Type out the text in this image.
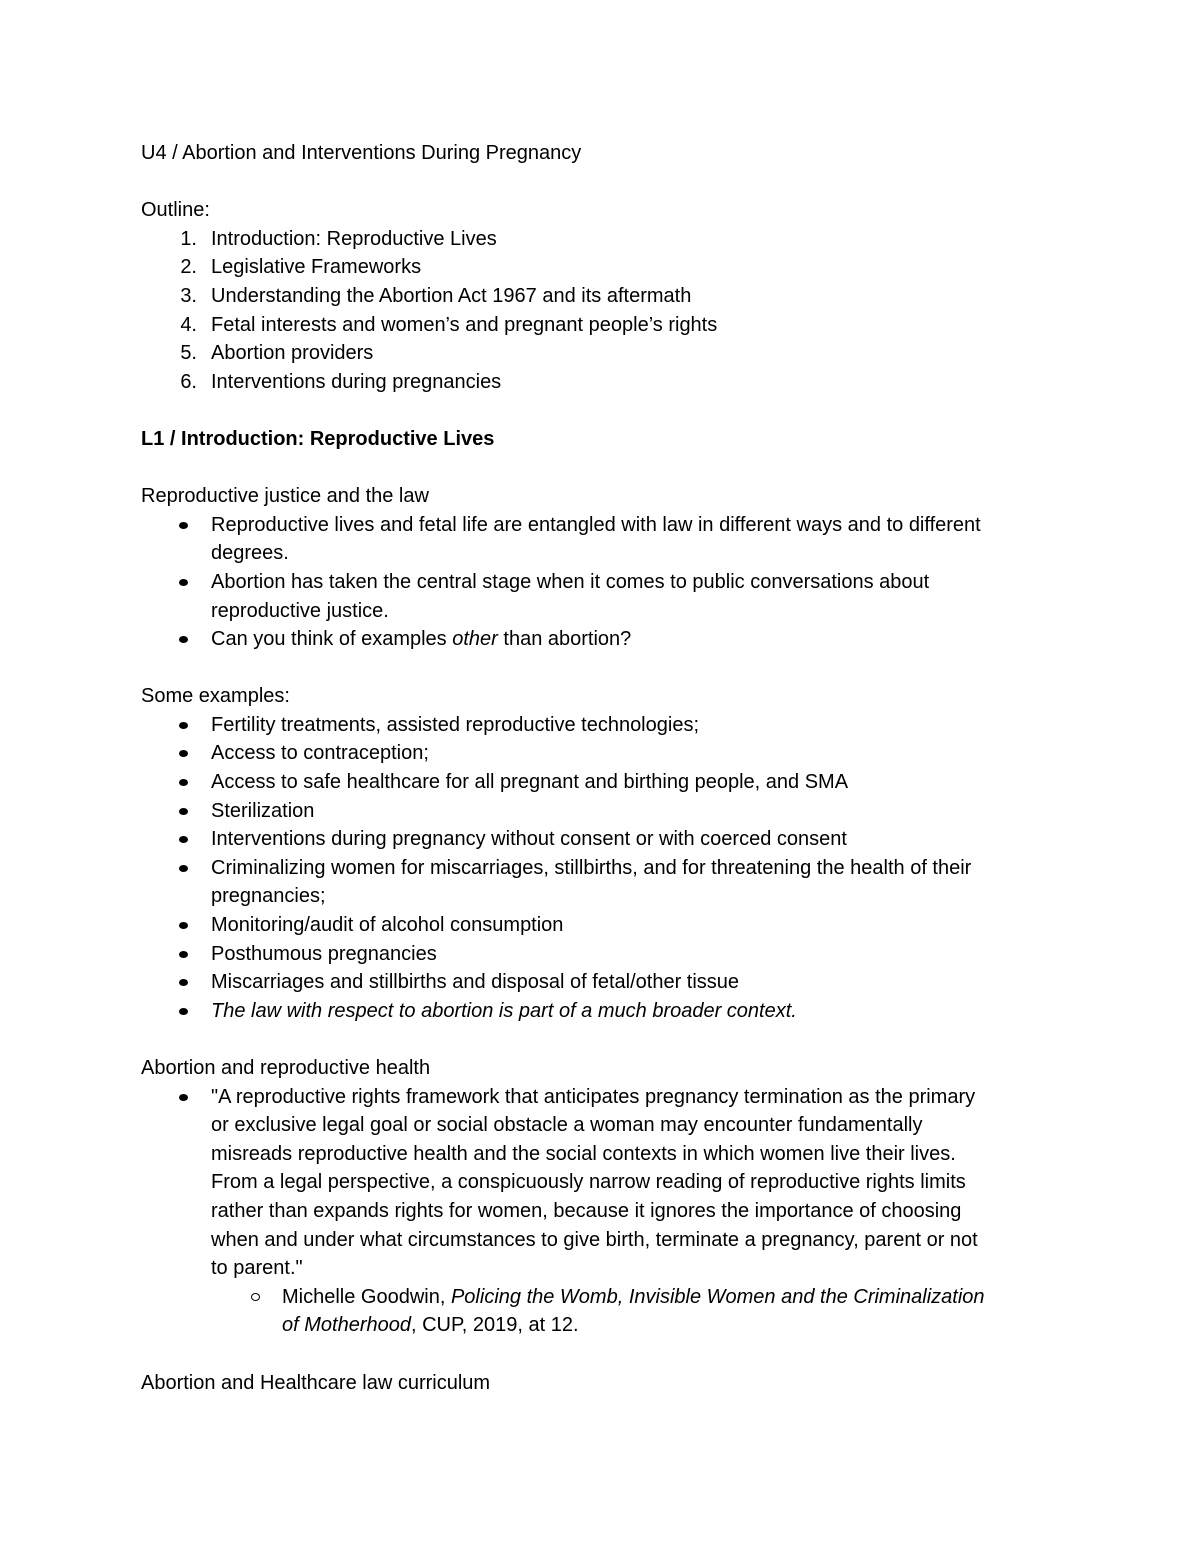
U4 / Abortion and Interventions During Pregnancy

Outline:

1. Introduction: Reproductive Lives
2. Legislative Frameworks
3. Understanding the Abortion Act 1967 and its aftermath
4. Fetal interests and women’s and pregnant people’s rights
5. Abortion providers
6. Interventions during pregnancies

L1 / Introduction: Reproductive Lives

Reproductive justice and the law

Reproductive lives and fetal life are entangled with law in different ways and to different
degrees.
Abortion has taken the central stage when it comes to public conversations about
reproductive justice.
Can you think of examples other than abortion?

Some examples:

Fertility treatments, assisted reproductive technologies;
Access to contraception;
Access to safe healthcare for all pregnant and birthing people, and SMA
Sterilization
Interventions during pregnancy without consent or with coerced consent
Criminalizing women for miscarriages, stillbirths, and for threatening the health of their
pregnancies;
Monitoring/audit of alcohol consumption
Posthumous pregnancies
Miscarriages and stillbirths and disposal of fetal/other tissue
The law with respect to abortion is part of a much broader context.

Abortion and reproductive health

"A reproductive rights framework that anticipates pregnancy termination as the primary
or exclusive legal goal or social obstacle a woman may encounter fundamentally
misreads reproductive health and the social contexts in which women live their lives.
From a legal perspective, a conspicuously narrow reading of reproductive rights limits
rather than expands rights for women, because it ignores the importance of choosing
when and under what circumstances to give birth, terminate a pregnancy, parent or not
to parent."
Michelle Goodwin, Policing the Womb, Invisible Women and the Criminalization
of Motherhood, CUP, 2019, at 12.

Abortion and Healthcare law curriculum
